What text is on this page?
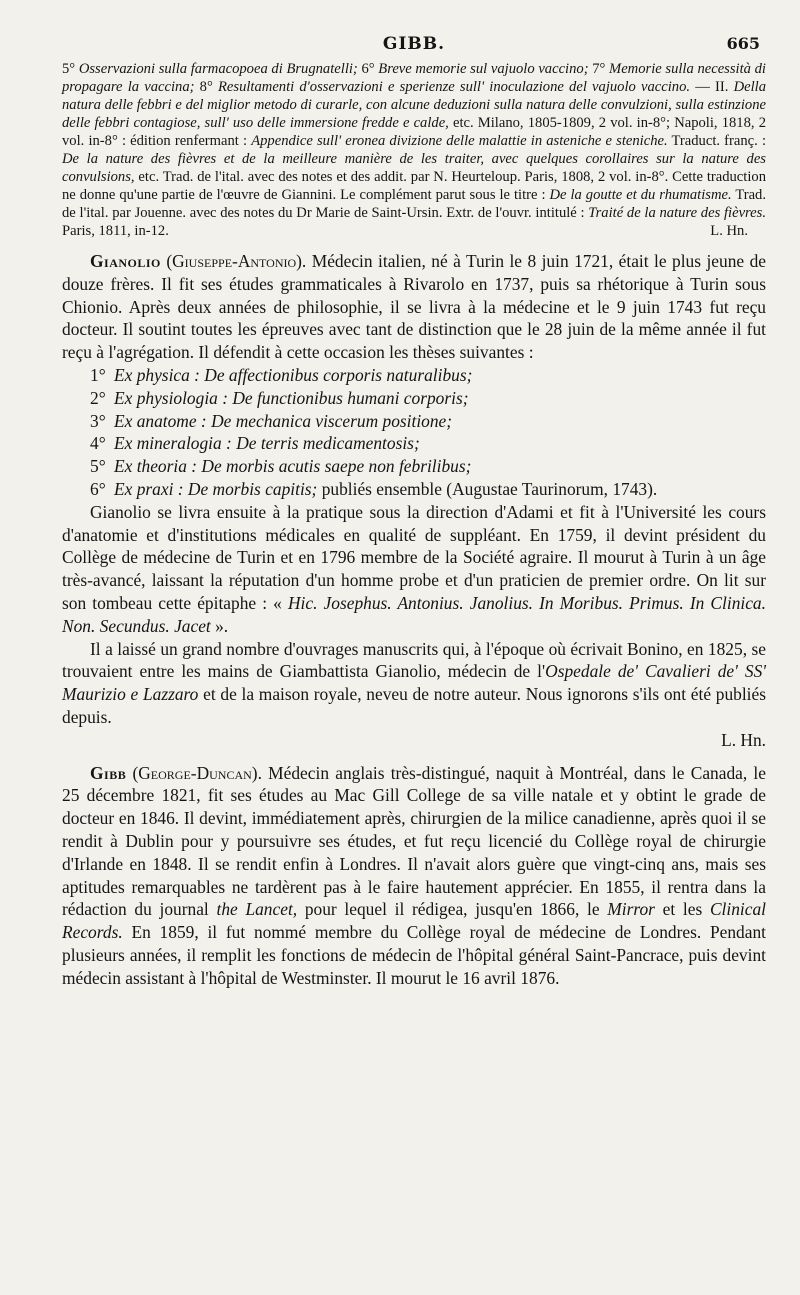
GIBB.	665

5° Osservazioni sulla farmacopoea di Brugnatelli; 6° Breve memorie sul vajuolo vaccino; 7° Memorie sulla necessità di propagare la vaccina; 8° Resultamenti d'osservazioni e sperienze sull' inoculazione del vajuolo vaccino. — II. Della natura delle febbri e del miglior metodo di curarle, con alcune deduzioni sulla natura delle convulzioni, sulla estinzione delle febbri contagiose, sull' uso delle immersione fredde e calde, etc. Milano, 1805-1809, 2 vol. in-8°; Napoli, 1818, 2 vol. in-8° : édition renfermant : Appendice sull' eronea divizione delle malattie in asteniche e steniche. Traduct. franç. : De la nature des fièvres et de la meilleure manière de les traiter, avec quelques corollaires sur la nature des convulsions, etc. Trad. de l'ital. avec des notes et des addit. par N. Heurteloup. Paris, 1808, 2 vol. in-8°. Cette traduction ne donne qu'une partie de l'œuvre de Giannini. Le complément parut sous le titre : De la goutte et du rhumatisme. Trad. de l'ital. par Jouenne. avec des notes du Dr Marie de Saint-Ursin. Extr. de l'ouvr. intitulé : Traité de la nature des fièvres. Paris, 1811, in-12.	L. Hn.

Gianolio (Giuseppe-Antonio). Médecin italien, né à Turin le 8 juin 1721, était le plus jeune de douze frères. Il fit ses études grammaticales à Rivarolo en 1737, puis sa rhétorique à Turin sous Chionio. Après deux années de philosophie, il se livra à la médecine et le 9 juin 1743 fut reçu docteur. Il soutint toutes les épreuves avec tant de distinction que le 28 juin de la même année il fut reçu à l'agrégation. Il défendit à cette occasion les thèses suivantes :

1° Ex physica : De affectionibus corporis naturalibus;
2° Ex physiologia : De functionibus humani corporis;
3° Ex anatome : De mechanica viscerum positione;
4° Ex mineralogia : De terris medicamentosis;
5° Ex theoria : De morbis acutis saepe non febrilibus;
6° Ex praxi : De morbis capitis; publiés ensemble (Augustae Taurinorum, 1743).

Gianolio se livra ensuite à la pratique sous la direction d'Adami et fit à l'Université les cours d'anatomie et d'institutions médicales en qualité de suppléant. En 1759, il devint président du Collège de médecine de Turin et en 1796 membre de la Société agraire. Il mourut à Turin à un âge très-avancé, laissant la réputation d'un homme probe et d'un praticien de premier ordre. On lit sur son tombeau cette épitaphe : « Hic. Josephus. Antonius. Janolius. In Moribus. Primus. In Clinica. Non. Secundus. Jacet ».

Il a laissé un grand nombre d'ouvrages manuscrits qui, à l'époque où écrivait Bonino, en 1825, se trouvaient entre les mains de Giambattista Gianolio, médecin de l'Ospedale de' Cavalieri de' SS' Maurizio e Lazzaro et de la maison royale, neveu de notre auteur. Nous ignorons s'ils ont été publiés depuis.

L. Hn.

Gibb (George-Duncan). Médecin anglais très-distingué, naquit à Montréal, dans le Canada, le 25 décembre 1821, fit ses études au Mac Gill College de sa ville natale et y obtint le grade de docteur en 1846. Il devint, immédiatement après, chirurgien de la milice canadienne, après quoi il se rendit à Dublin pour y poursuivre ses études, et fut reçu licencié du Collège royal de chirurgie d'Irlande en 1848. Il se rendit enfin à Londres. Il n'avait alors guère que vingt-cinq ans, mais ses aptitudes remarquables ne tardèrent pas à le faire hautement apprécier. En 1855, il rentra dans la rédaction du journal the Lancet, pour lequel il rédigea, jusqu'en 1866, le Mirror et les Clinical Records. En 1859, il fut nommé membre du Collège royal de médecine de Londres. Pendant plusieurs années, il remplit les fonctions de médecin de l'hôpital général Saint-Pancrace, puis devint médecin assistant à l'hôpital de Westminster. Il mourut le 16 avril 1876.
